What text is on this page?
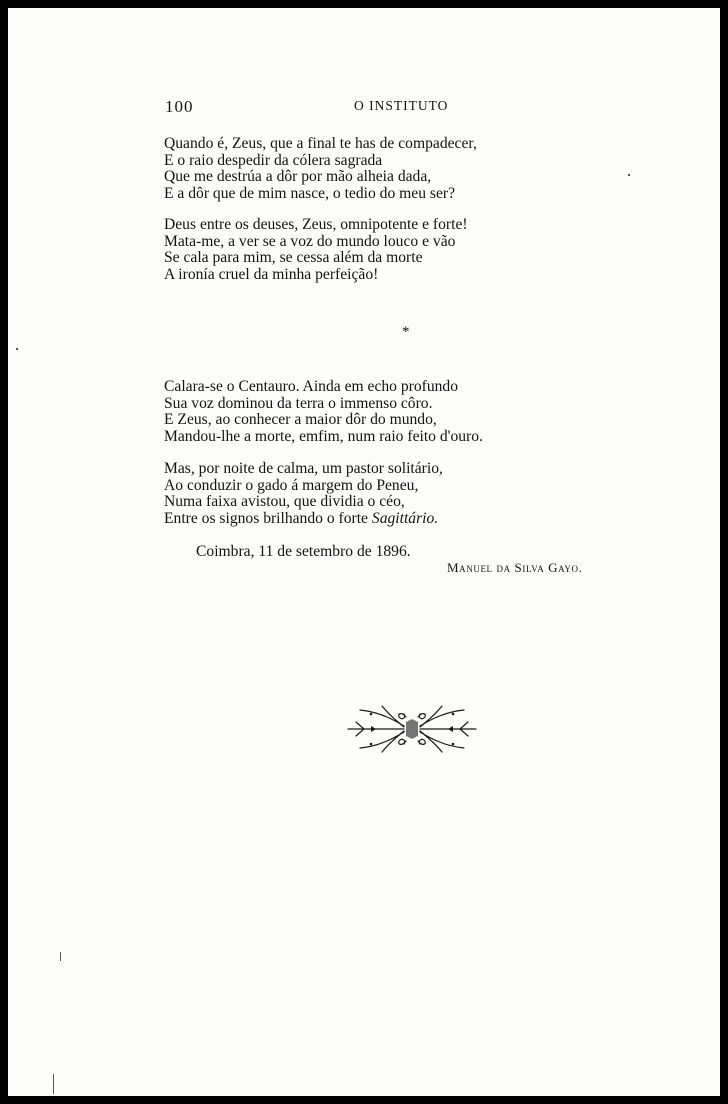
100	O INSTITUTO

Quando é, Zeus, que a final te has de compadecer,
E o raio despedir da cólera sagrada
Que me destrúa a dôr por mão alheia dada,
E a dôr que de mim nasce, o tedio do meu ser?

Deus entre os deuses, Zeus, omnipotente e forte!
Mata-me, a ver se a voz do mundo louco e vão
Se cala para mim, se cessa além da morte
A ironía cruel da minha perfeição!

*

Calara-se o Centauro. Ainda em echo profundo
Sua voz dominou da terra o immenso côro.
E Zeus, ao conhecer a maior dôr do mundo,
Mandou-lhe a morte, emfim, num raio feito d'ouro.

Mas, por noite de calma, um pastor solitário,
Ao conduzir o gado á margem do Peneu,
Numa faixa avistou, que dividia o céo,
Entre os signos brilhando o forte Sagittário.

Coimbra, 11 de setembro de 1896.
Manuel da Silva Gayo.
